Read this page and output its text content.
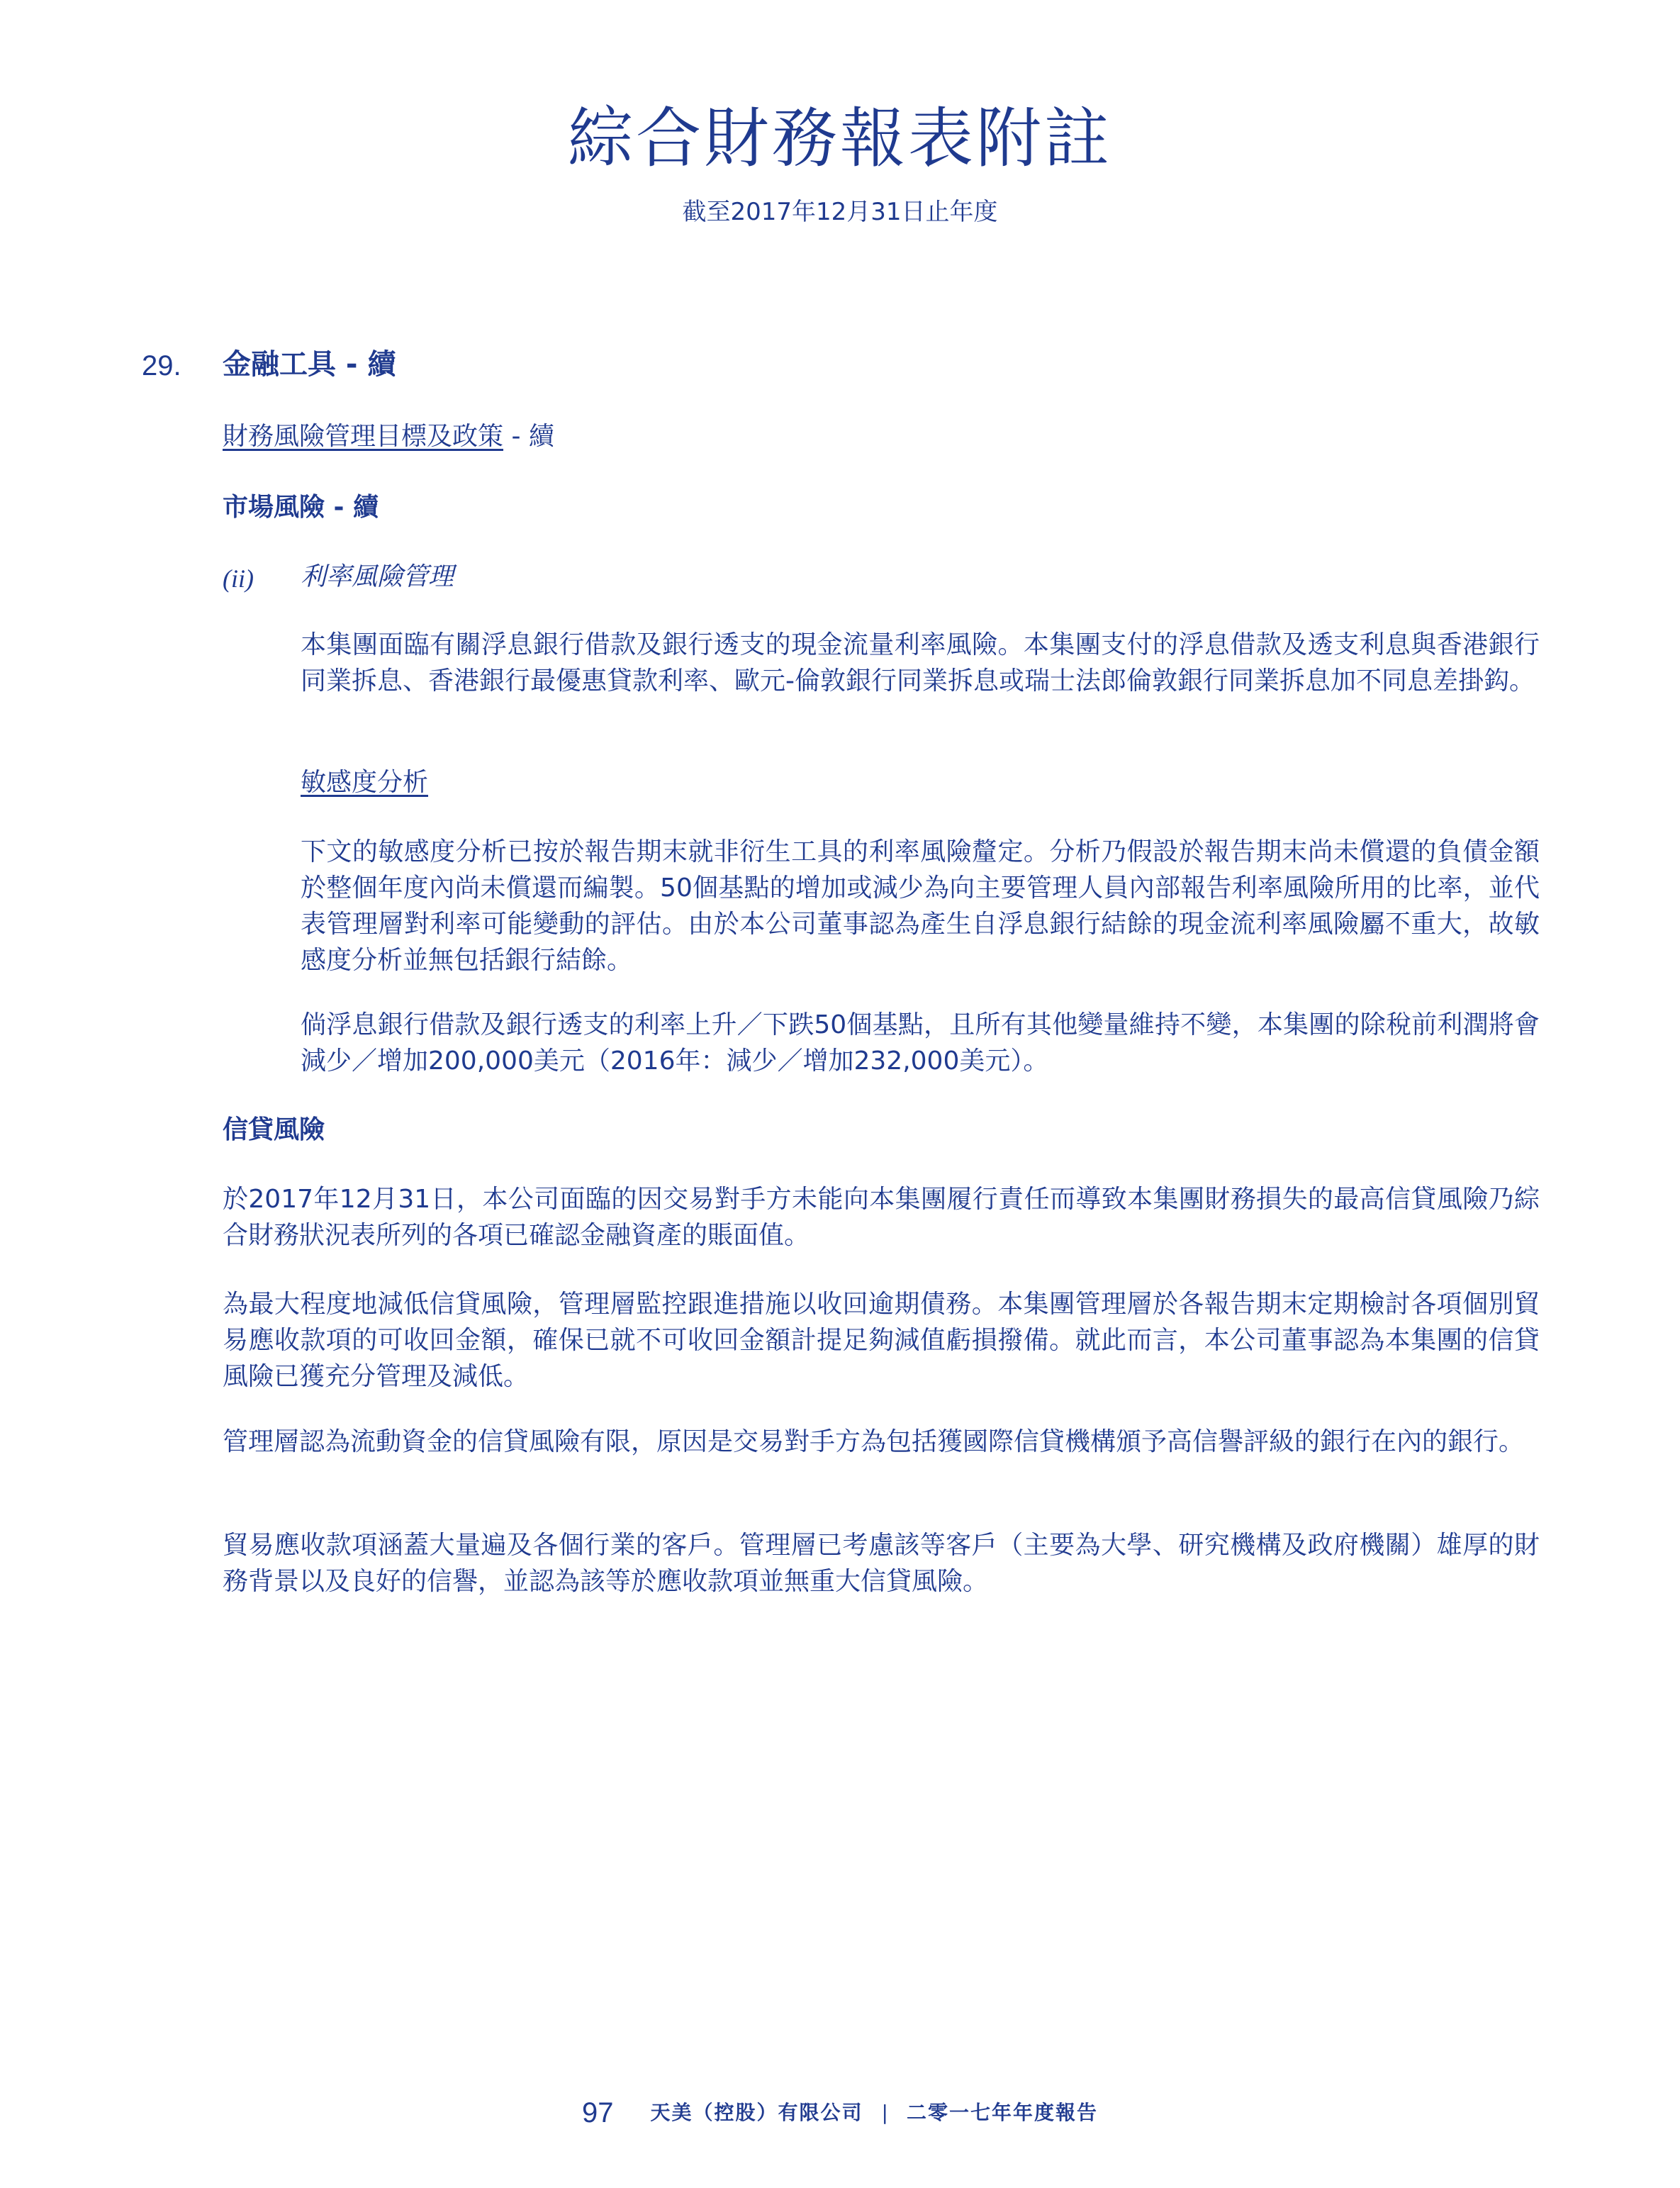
綜合財務報表附註
截至2017年12月31日止年度
29. 金融工具 - 續
財務風險管理目標及政策 - 續
市場風險 - 續
(ii) 利率風險管理

本集團面臨有關浮息銀行借款及銀行透支的現金流量利率風險。本集團支付的浮息借款及透支利息與香港銀行同業拆息、香港銀行最優惠貸款利率、歐元-倫敦銀行同業拆息或瑞士法郎倫敦銀行同業拆息加不同息差掛鈎。

敏感度分析

下文的敏感度分析已按於報告期末就非衍生工具的利率風險釐定。分析乃假設於報告期末尚未償還的負債金額於整個年度內尚未償還而編製。50個基點的增加或減少為向主要管理人員內部報告利率風險所用的比率，並代表管理層對利率可能變動的評估。由於本公司董事認為產生自浮息銀行結餘的現金流利率風險屬不重大，故敏感度分析並無包括銀行結餘。

倘浮息銀行借款及銀行透支的利率上升／下跌50個基點，且所有其他變量維持不變，本集團的除稅前利潤將會減少／增加200,000美元（2016年：減少／增加232,000美元）。

信貸風險

於2017年12月31日，本公司面臨的因交易對手方未能向本集團履行責任而導致本集團財務損失的最高信貸風險乃綜合財務狀況表所列的各項已確認金融資產的賬面值。

為最大程度地減低信貸風險，管理層監控跟進措施以收回逾期債務。本集團管理層於各報告期末定期檢討各項個別貿易應收款項的可收回金額，確保已就不可收回金額計提足夠減值虧損撥備。就此而言，本公司董事認為本集團的信貸風險已獲充分管理及減低。

管理層認為流動資金的信貸風險有限，原因是交易對手方為包括獲國際信貸機構頒予高信譽評級的銀行在內的銀行。

貿易應收款項涵蓋大量遍及各個行業的客戶。管理層已考慮該等客戶（主要為大學、研究機構及政府機關）雄厚的財務背景以及良好的信譽，並認為該等於應收款項並無重大信貸風險。

97 天美（控股）有限公司 | 二零一七年年度報告
